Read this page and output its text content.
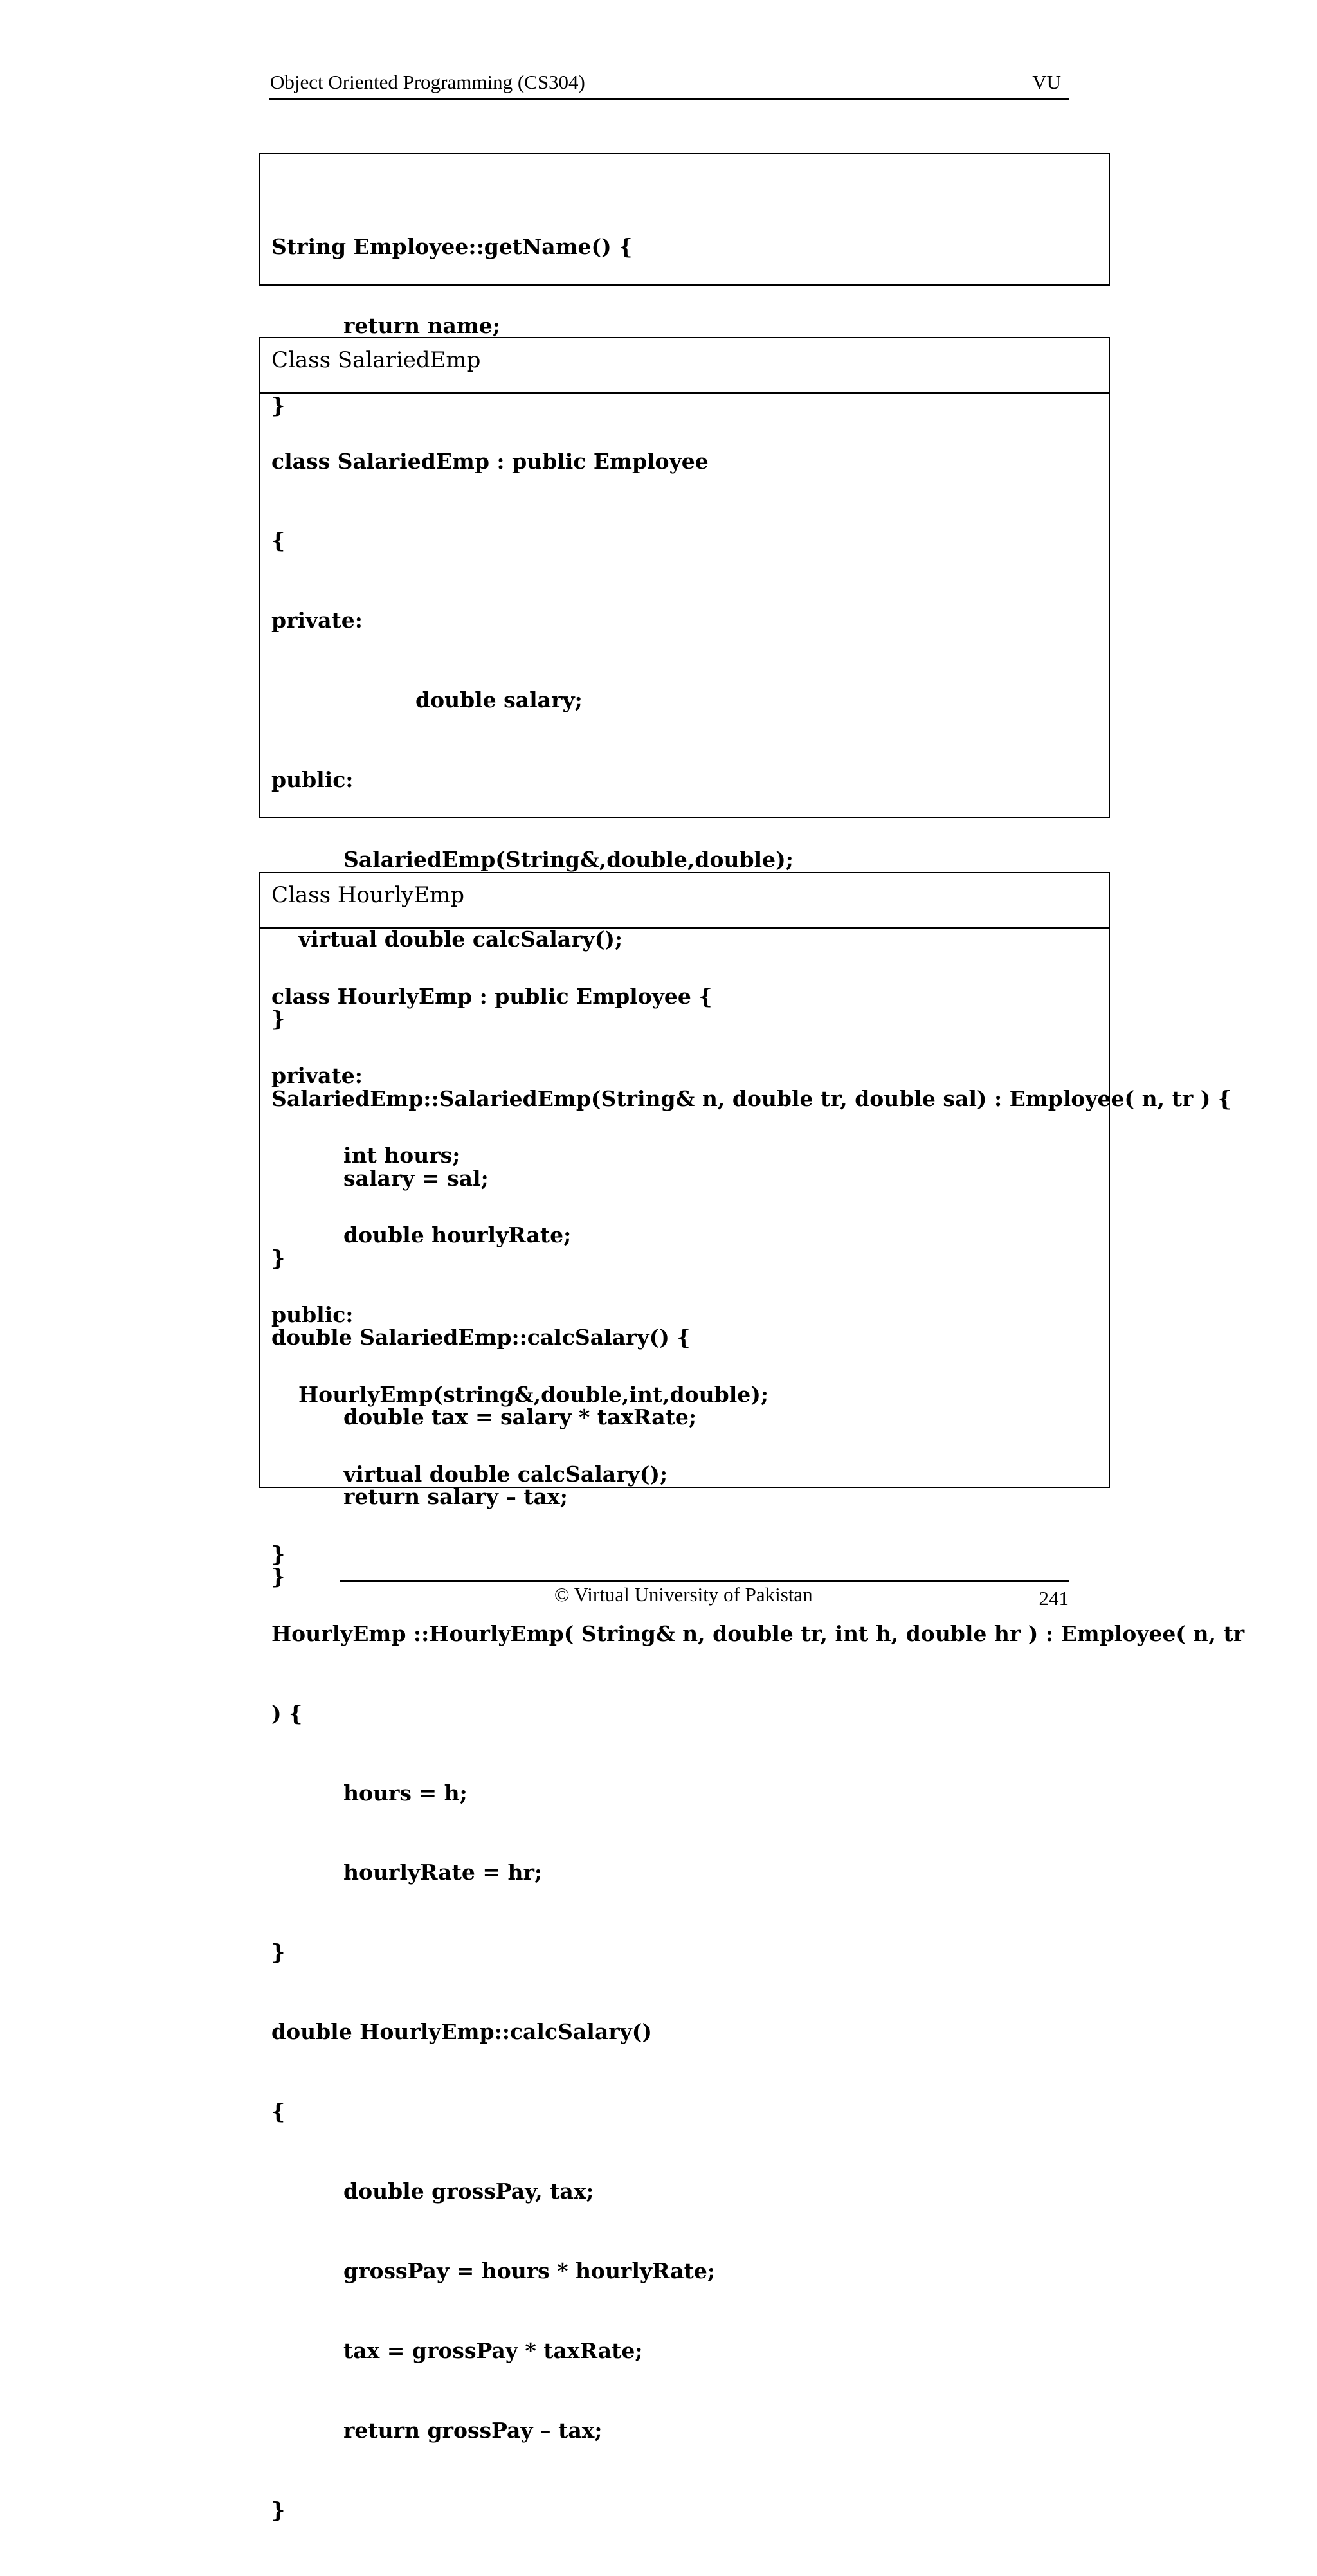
Object Oriented Programming (CS304)	VU

String Employee::getName() {

return name;

}

Class SalariedEmp

class SalariedEmp : public Employee

{

private:

double salary;

public:

SalariedEmp(String&,double,double);

virtual double calcSalary();

}

SalariedEmp::SalariedEmp(String& n, double tr, double sal) : Employee( n, tr ) {

salary = sal;

}

double SalariedEmp::calcSalary() {

double tax = salary * taxRate;

return salary – tax;

}

Class HourlyEmp

class HourlyEmp : public Employee {

private:

int hours;

double hourlyRate;

public:

HourlyEmp(string&,double,int,double);

virtual double calcSalary();

}

HourlyEmp ::HourlyEmp( String& n, double tr, int h, double hr ) : Employee( n, tr

) {

hours = h;

hourlyRate = hr;

}

double HourlyEmp::calcSalary()

{

double grossPay, tax;

grossPay = hours * hourlyRate;

tax = grossPay * taxRate;

return grossPay – tax;

}

© Virtual University of Pakistan	241
